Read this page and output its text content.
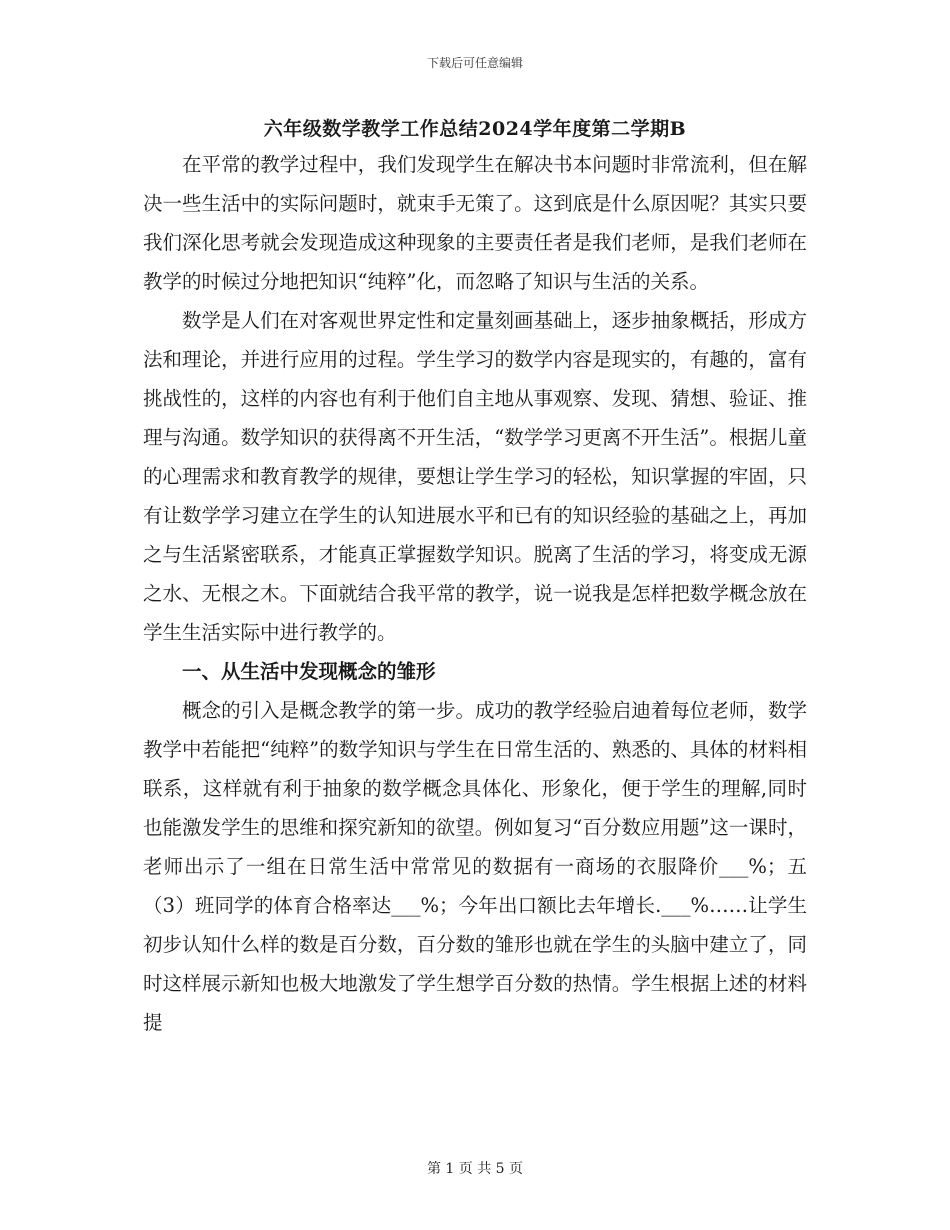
下载后可任意编辑
六年级数学教学工作总结2024学年度第二学期B

在平常的教学过程中，我们发现学生在解决书本问题时非常流利，但在解决一些生活中的实际问题时，就束手无策了。这到底是什么原因呢？其实只要我们深化思考就会发现造成这种现象的主要责任者是我们老师，是我们老师在教学的时候过分地把知识“纯粹”化，而忽略了知识与生活的关系。

数学是人们在对客观世界定性和定量刻画基础上，逐步抽象概括，形成方法和理论，并进行应用的过程。学生学习的数学内容是现实的，有趣的，富有挑战性的，这样的内容也有利于他们自主地从事观察、发现、猜想、验证、推理与沟通。数学知识的获得离不开生活，“数学学习更离不开生活”。根据儿童的心理需求和教育教学的规律，要想让学生学习的轻松，知识掌握的牢固，只有让数学学习建立在学生的认知进展水平和已有的知识经验的基础之上，再加之与生活紧密联系，才能真正掌握数学知识。脱离了生活的学习，将变成无源之水、无根之木。下面就结合我平常的教学，说一说我是怎样把数学概念放在学生生活实际中进行教学的。

一、从生活中发现概念的雏形

概念的引入是概念教学的第一步。成功的教学经验启迪着每位老师，数学教学中若能把“纯粹”的数学知识与学生在日常生活的、熟悉的、具体的材料相联系，这样就有利于抽象的数学概念具体化、形象化，便于学生的理解,同时也能激发学生的思维和探究新知的欲望。例如复习“百分数应用题”这一课时，老师出示了一组在日常生活中常常见的数据有一商场的衣服降价___%；五（3）班同学的体育合格率达___%；今年出口额比去年增长.___%……让学生初步认知什么样的数是百分数，百分数的雏形也就在学生的头脑中建立了，同时这样展示新知也极大地激发了学生想学百分数的热情。学生根据上述的材料提

第 1 页 共 5 页
